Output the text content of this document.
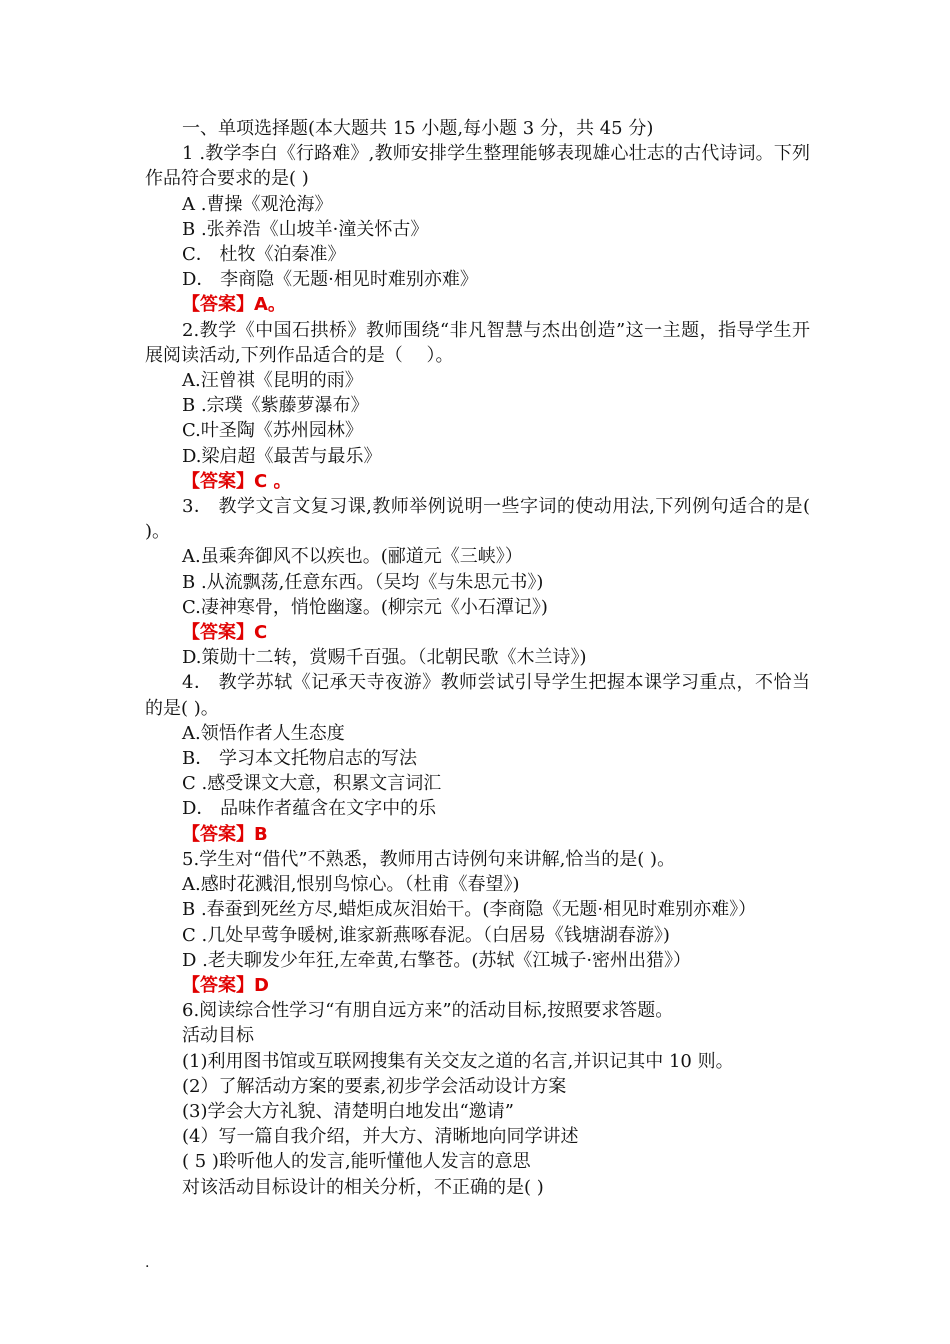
一、单项选择题(本大题共 15 小题,每小题 3 分，共 45 分)
1 .教学李白《行路难》,教师安排学生整理能够表现雄心壮志的古代诗词。下列作品符合要求的是( )
A .曹操《观沧海》
B .张养浩《山坡羊·潼关怀古》
C． 杜牧《泊秦准》
D． 李商隐《无题·相见时难别亦难》
【答案】A。
2.教学《中国石拱桥》教师围绕“非凡智慧与杰出创造”这一主题，指导学生开展阅读活动,下列作品适合的是（　 ）。
A.汪曾祺《昆明的雨》
B .宗璞《紫藤萝瀑布》
C.叶圣陶《苏州园林》
D.梁启超《最苦与最乐》
【答案】C 。
3． 教学文言文复习课,教师举例说明一些字词的使动用法,下列例句适合的是( )。
A.虽乘奔御风不以疾也。(郦道元《三峡》）
B .从流飘荡,任意东西。（吴均《与朱思元书》)
C.凄神寒骨，悄怆幽邃。(柳宗元《小石潭记》)
【答案】C
D.策勋十二转，赏赐千百强。（北朝民歌《木兰诗》)
4． 教学苏轼《记承天寺夜游》教师尝试引导学生把握本课学习重点，不恰当的是( )。
A.领悟作者人生态度
B． 学习本文托物启志的写法
C .感受课文大意，积累文言词汇
D． 品味作者蕴含在文字中的乐
【答案】B
5.学生对“借代”不熟悉，教师用古诗例句来讲解,恰当的是( )。
A.感时花溅泪,恨别鸟惊心。（杜甫《春望》)
B .春蚕到死丝方尽,蜡炬成灰泪始干。(李商隐《无题·相见时难别亦难》）
C .几处早莺争暖树,谁家新燕啄春泥。（白居易《钱塘湖春游》)
D .老夫聊发少年狂,左牵黄,右擎苍。(苏轼《江城子·密州出猎》）
【答案】D
6.阅读综合性学习“有朋自远方来”的活动目标,按照要求答题。
活动目标
(1)利用图书馆或互联网搜集有关交友之道的名言,并识记其中 10 则。
(2）了解活动方案的要素,初步学会活动设计方案
(3)学会大方礼貌、清楚明白地发出“邀请”
(4）写一篇自我介绍，并大方、清晰地向同学讲述
( 5 )聆听他人的发言,能听懂他人发言的意思
对该活动目标设计的相关分析，不正确的是( )
.
